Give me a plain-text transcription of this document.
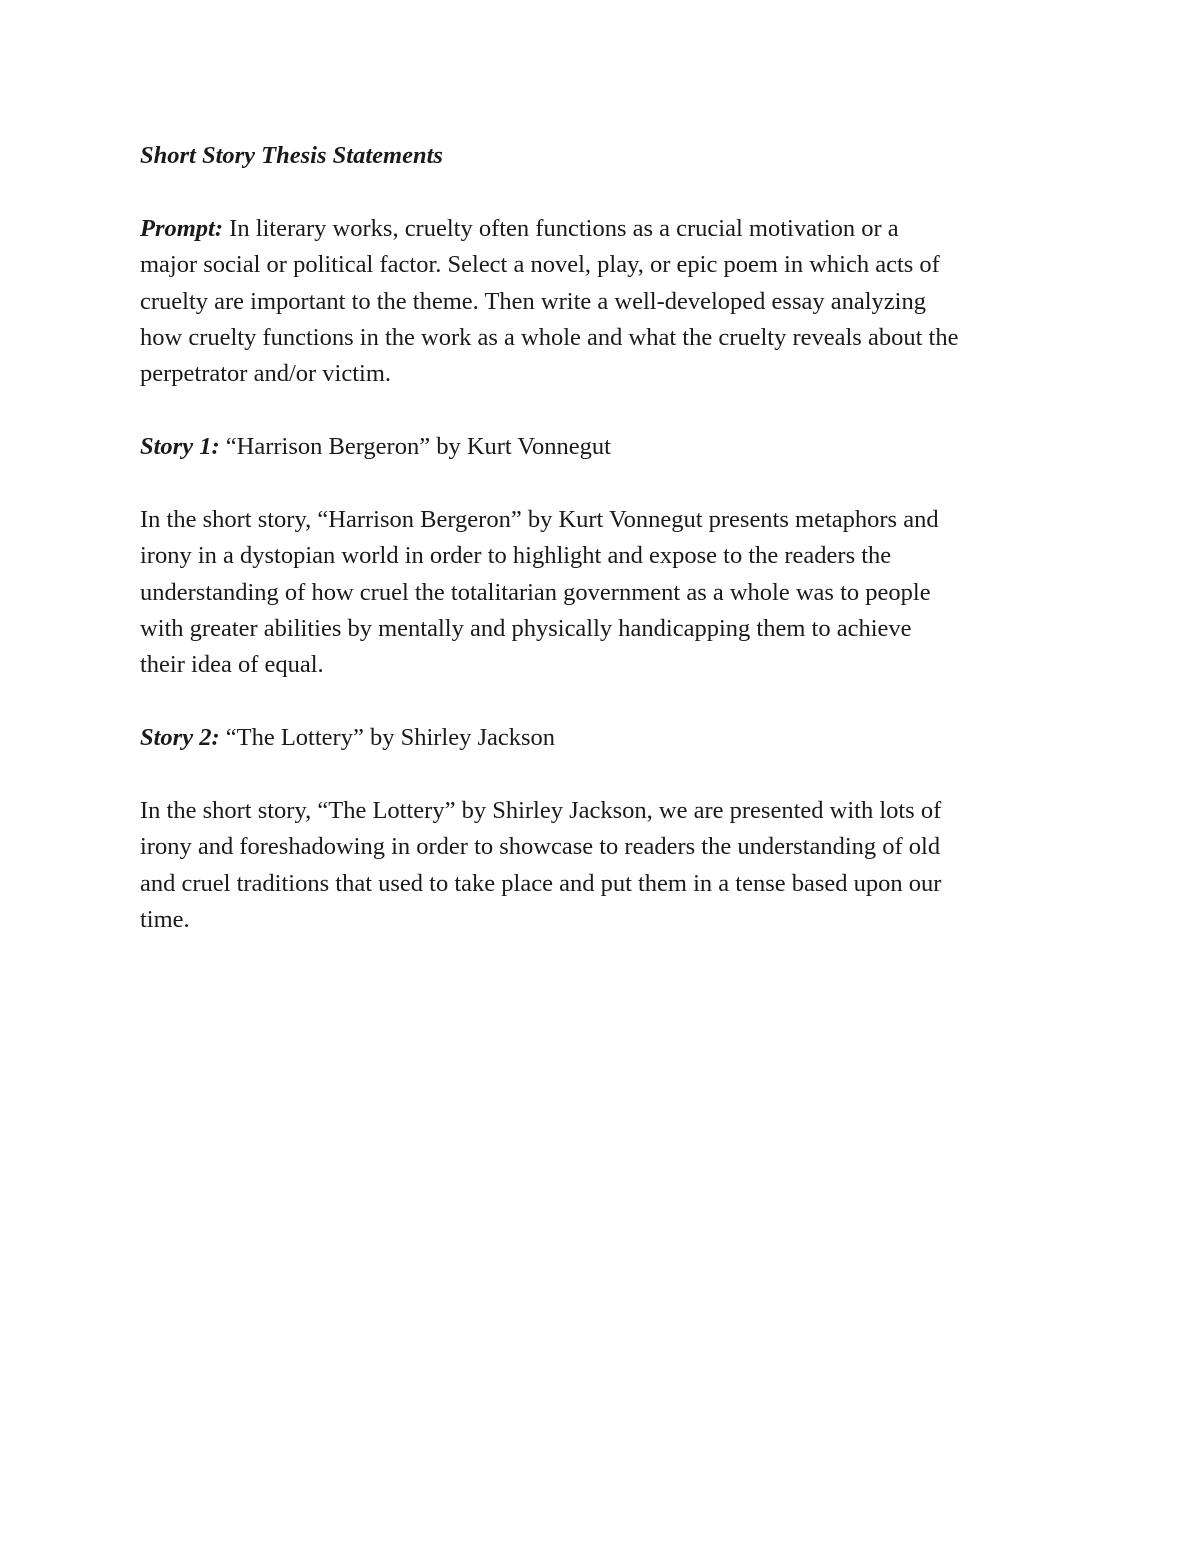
Short Story Thesis Statements
Prompt: In literary works, cruelty often functions as a crucial motivation or a
major social or political factor. Select a novel, play, or epic poem in which acts of
cruelty are important to the theme. Then write a well-developed essay analyzing
how cruelty functions in the work as a whole and what the cruelty reveals about the
perpetrator and/or victim.
Story 1: “Harrison Bergeron” by Kurt Vonnegut
In the short story, “Harrison Bergeron” by Kurt Vonnegut presents metaphors and
irony in a dystopian world in order to highlight and expose to the readers the
understanding of how cruel the totalitarian government as a whole was to people
with greater abilities by mentally and physically handicapping them to achieve
their idea of equal.
Story 2: “The Lottery” by Shirley Jackson
In the short story, “The Lottery” by Shirley Jackson, we are presented with lots of
irony and foreshadowing in order to showcase to readers the understanding of old
and cruel traditions that used to take place and put them in a tense based upon our
time.
